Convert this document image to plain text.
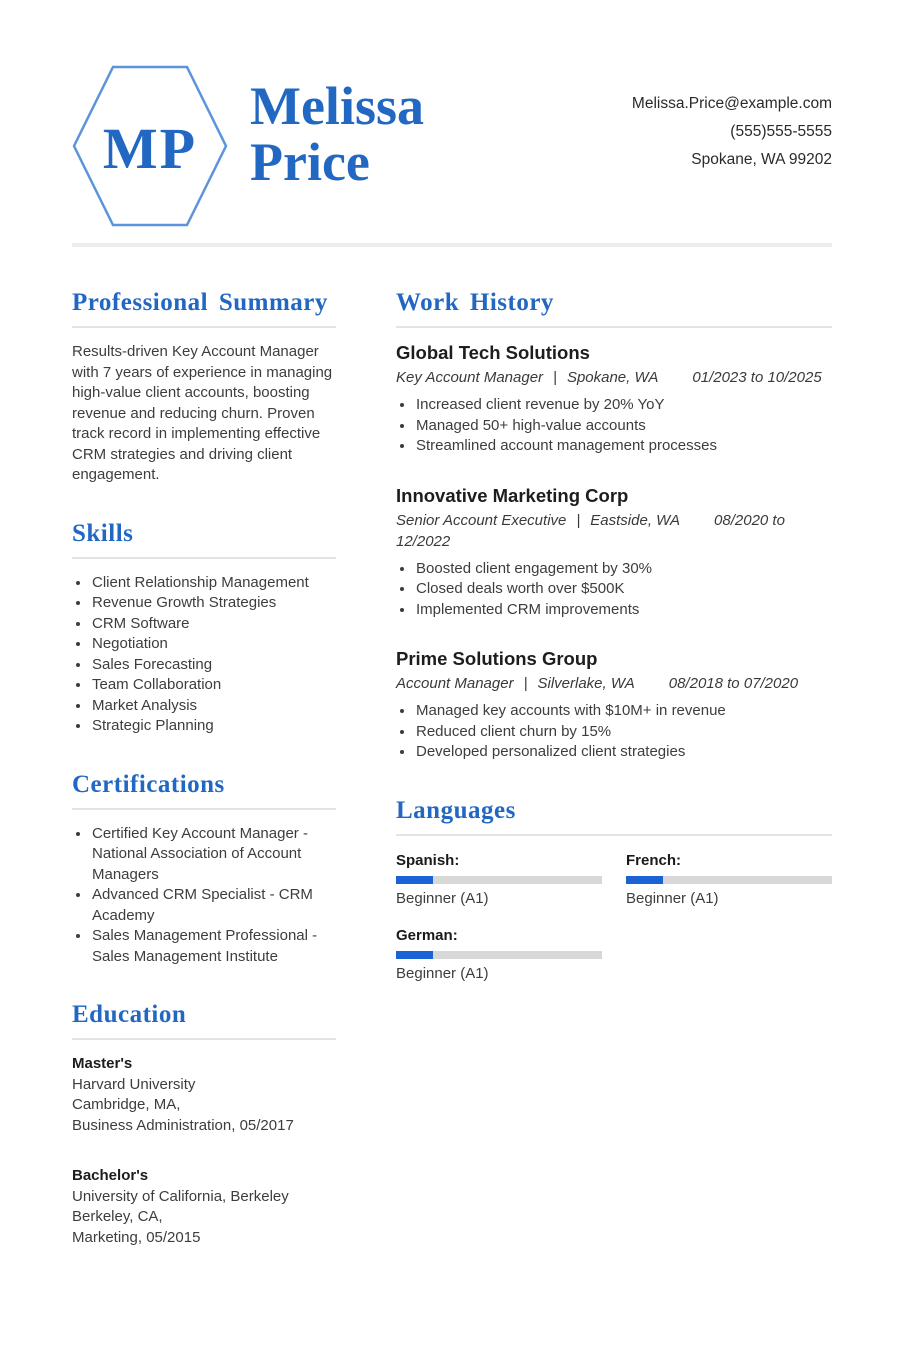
MP
Melissa
Price
Melissa.Price@example.com
(555)555-5555
Spokane, WA 99202
Professional Summary

Results-driven Key Account Manager with 7 years of experience in managing high-value client accounts, boosting revenue and reducing churn. Proven track record in implementing effective CRM strategies and driving client engagement.

Skills
• Client Relationship Management
• Revenue Growth Strategies
• CRM Software
• Negotiation
• Sales Forecasting
• Team Collaboration
• Market Analysis
• Strategic Planning
Certifications
• Certified Key Account Manager - National Association of Account Managers
• Advanced CRM Specialist - CRM Academy
• Sales Management Professional - Sales Management Institute
Education
Master's
Harvard University
Cambridge, MA,
Business Administration, 05/2017
Bachelor's
University of California, Berkeley
Berkeley, CA,
Marketing, 05/2015
Work History
Global Tech Solutions

Key Account Manager | Spokane, WA 01/2023 to 10/2025

• Increased client revenue by 20% YoY
• Managed 50+ high-value accounts
• Streamlined account management processes
Innovative Marketing Corp

Senior Account Executive | Eastside, WA 08/2020 to 12/2022

• Boosted client engagement by 30%
• Closed deals worth over $500K
• Implemented CRM improvements
Prime Solutions Group

Account Manager | Silverlake, WA 08/2018 to 07/2020

• Managed key accounts with $10M+ in revenue
• Reduced client churn by 15%
• Developed personalized client strategies
Languages
Spanish:
Beginner (A1)
French:
Beginner (A1)
German:
Beginner (A1)
